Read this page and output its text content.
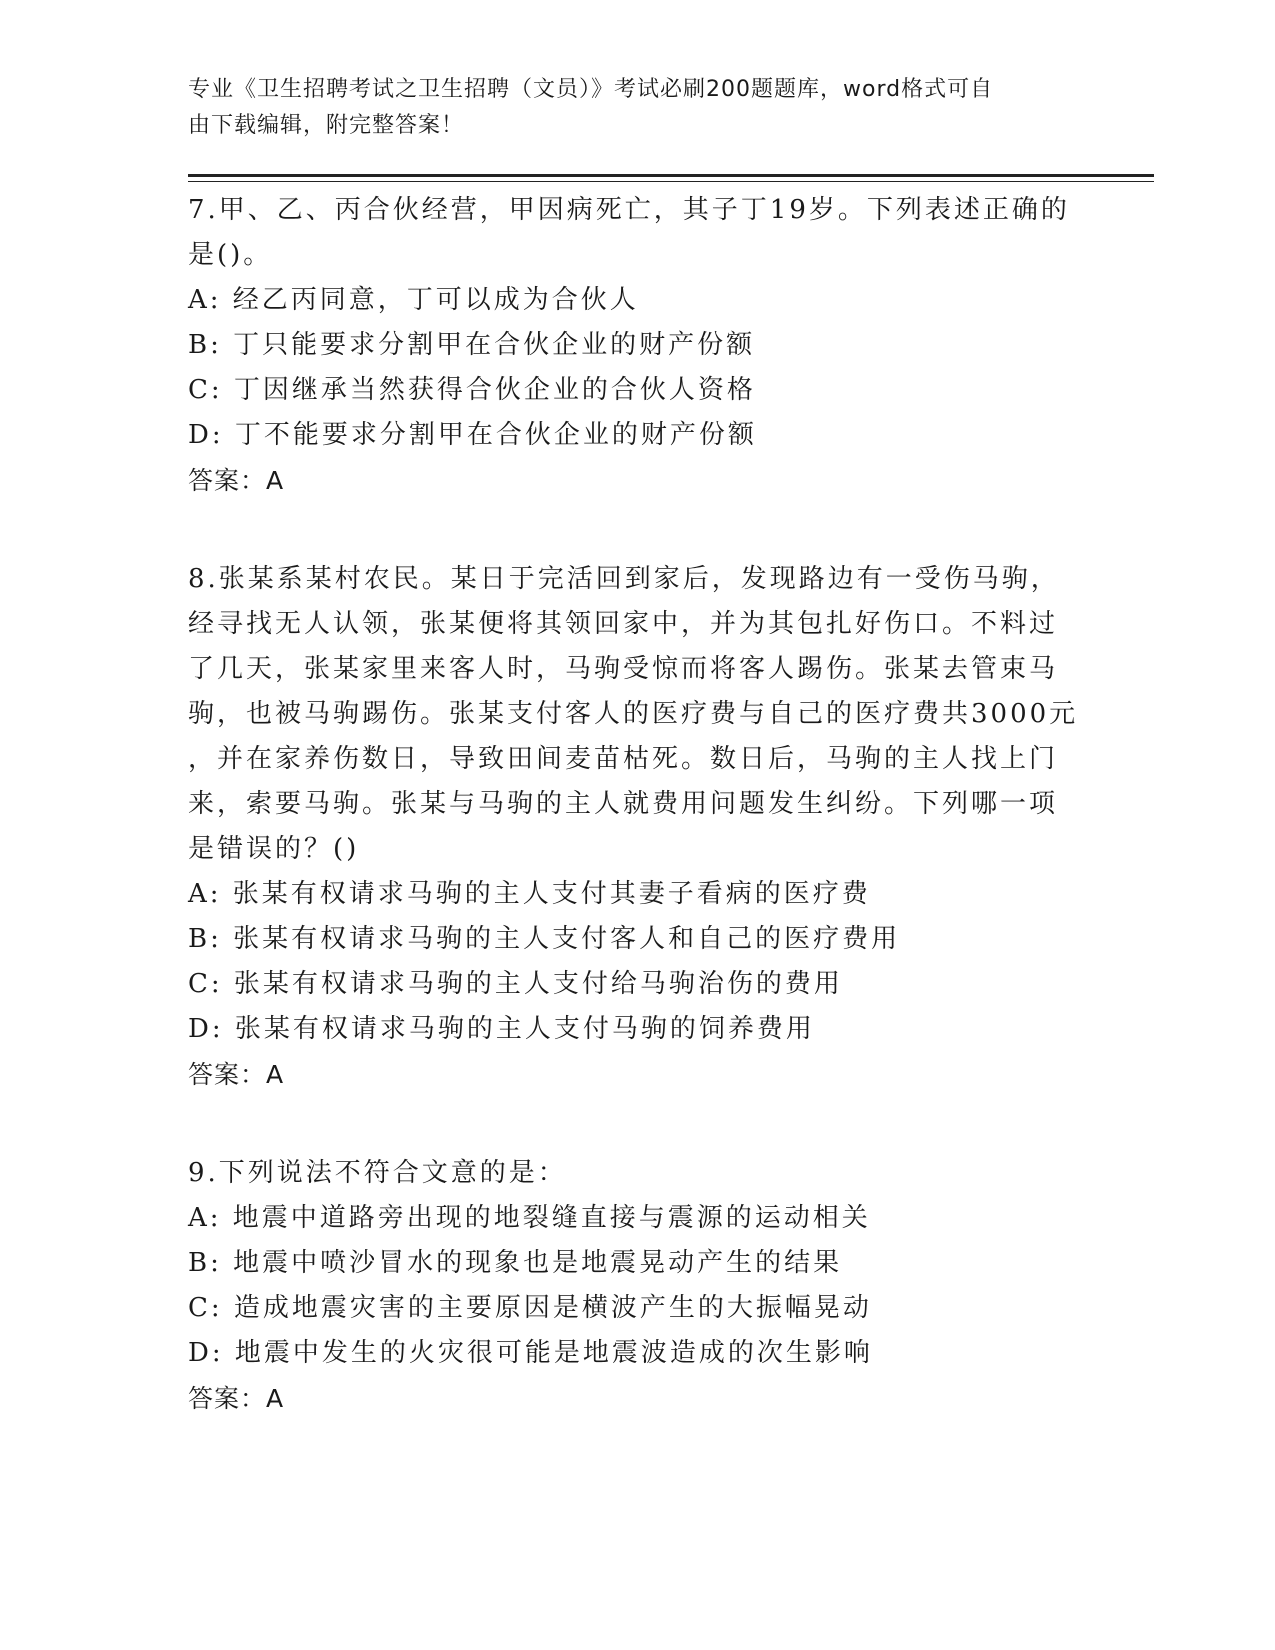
专业《卫生招聘考试之卫生招聘（文员）》考试必刷200题题库，word格式可自
由下载编辑，附完整答案！
7.甲、乙、丙合伙经营，甲因病死亡，其子丁19岁。下列表述正确的
是()。
A: 经乙丙同意，丁可以成为合伙人
B: 丁只能要求分割甲在合伙企业的财产份额
C: 丁因继承当然获得合伙企业的合伙人资格
D: 丁不能要求分割甲在合伙企业的财产份额
答案：A
8.张某系某村农民。某日于完活回到家后，发现路边有一受伤马驹，
经寻找无人认领，张某便将其领回家中，并为其包扎好伤口。不料过
了几天，张某家里来客人时，马驹受惊而将客人踢伤。张某去管束马
驹，也被马驹踢伤。张某支付客人的医疗费与自己的医疗费共3000元
，并在家养伤数日，导致田间麦苗枯死。数日后，马驹的主人找上门
来，索要马驹。张某与马驹的主人就费用问题发生纠纷。下列哪一项
是错误的？()
A: 张某有权请求马驹的主人支付其妻子看病的医疗费
B: 张某有权请求马驹的主人支付客人和自己的医疗费用
C: 张某有权请求马驹的主人支付给马驹治伤的费用
D: 张某有权请求马驹的主人支付马驹的饲养费用
答案：A
9.下列说法不符合文意的是：
A: 地震中道路旁出现的地裂缝直接与震源的运动相关
B: 地震中喷沙冒水的现象也是地震晃动产生的结果
C: 造成地震灾害的主要原因是横波产生的大振幅晃动
D: 地震中发生的火灾很可能是地震波造成的次生影响
答案：A
